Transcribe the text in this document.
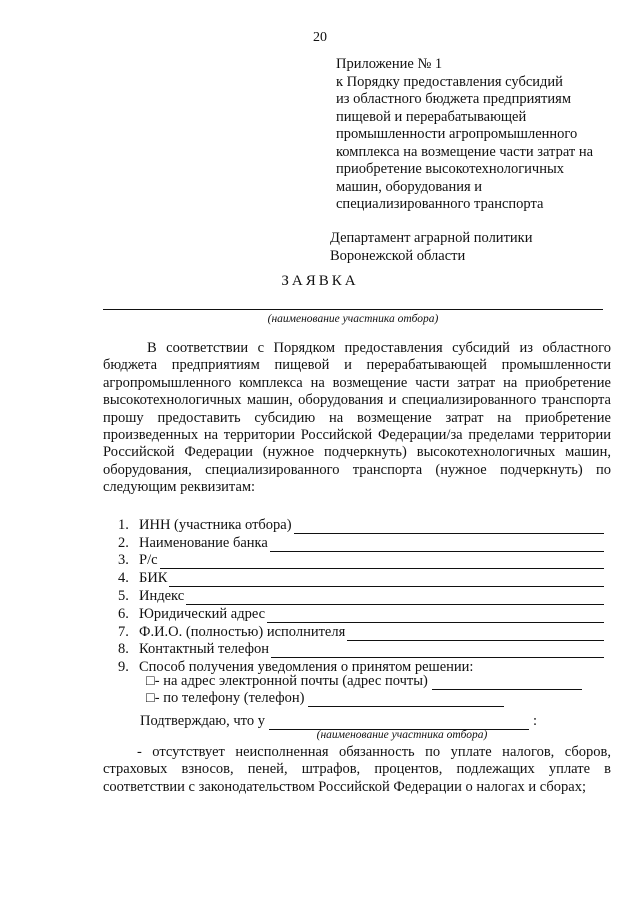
20
Приложение № 1
к Порядку предоставления субсидий
из областного бюджета предприятиям
пищевой и перерабатывающей
промышленности агропромышленного
комплекса на возмещение части затрат на
приобретение высокотехнологичных
машин, оборудования и
специализированного транспорта
Департамент аграрной политики
Воронежской области
ЗАЯВКА
(наименование участника отбора)

В соответствии с Порядком предоставления субсидий из областного бюджета предприятиям пищевой и перерабатывающей промышленности агропромышленного комплекса на возмещение части затрат на приобретение высокотехнологичных машин, оборудования и специализированного транспорта прошу предоставить субсидию на возмещение затрат на приобретение произведенных на территории Российской Федерации/за пределами территории Российской Федерации (нужное подчеркнуть) высокотехнологичных машин, оборудования, специализированного транспорта (нужное подчеркнуть) по следующим реквизитам:

1. ИНН (участника отбора)
2. Наименование банка
3. Р/с
4. БИК
5. Индекс
6. Юридический адрес
7. Ф.И.О. (полностью) исполнителя
8. Контактный телефон
9. Способ получения уведомления о принятом решении:
□ - на адрес электронной почты (адрес почты)
□ - по телефону (телефон)
Подтверждаю, что у	:
(наименование участника отбора)

- отсутствует неисполненная обязанность по уплате налогов, сборов, страховых взносов, пеней, штрафов, процентов, подлежащих уплате в соответствии с законодательством Российской Федерации о налогах и сборах;
